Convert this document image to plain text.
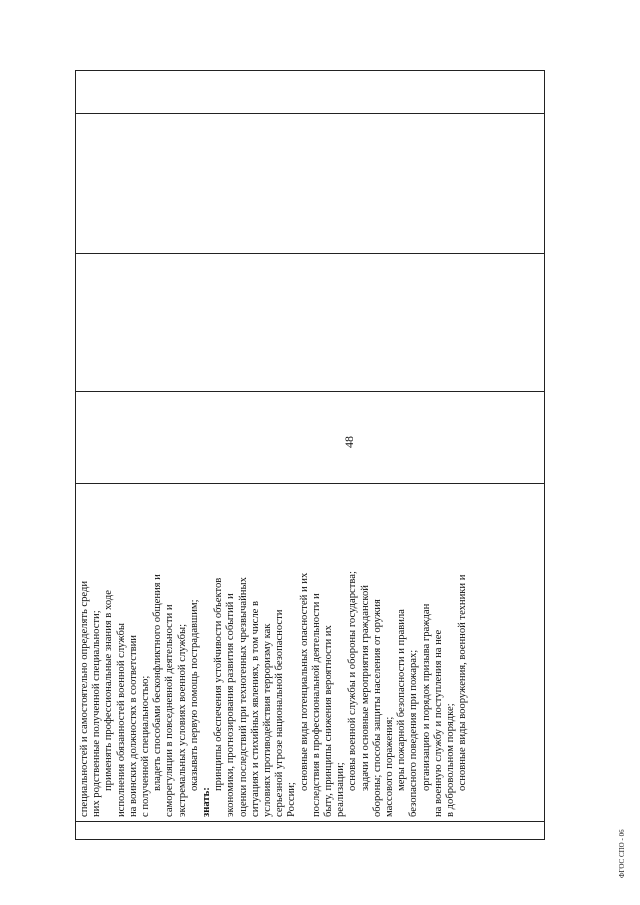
48
специальностей и самостоятельно определять среди них родственные полученной специальности; применять профессиональные знания в ходе исполнения обязанностей военной службы на воинских должностях в соответствии с полученной специальностью; владеть способами бесконфликтного общения и саморегуляции в повседневной деятельности и экстремальных условиях военной службы; оказывать первую помощь пострадавшим;
знать:
принципы обеспечения устойчивости объектов экономики, прогнозирования развития событий и оценки последствий при техногенных чрезвычайных ситуациях и стихийных явлениях, в том числе в условиях противодействия терроризму как серьезной угрозе национальной безопасности России;
основные виды потенциальных опасностей и их последствия в профессиональной деятельности и быту, принципы снижения вероятности их реализации; основы военной службы и обороны государства; задачи и основные мероприятия гражданской обороны; способы защиты населения от оружия массового поражения; меры пожарной безопасности и правила безопасного поведения при пожарах; организацию и порядок призыва граждан на военную службу и поступления на нее в добровольном порядке; основные виды вооружения, военной техники и
ФГОС СПО - 06
